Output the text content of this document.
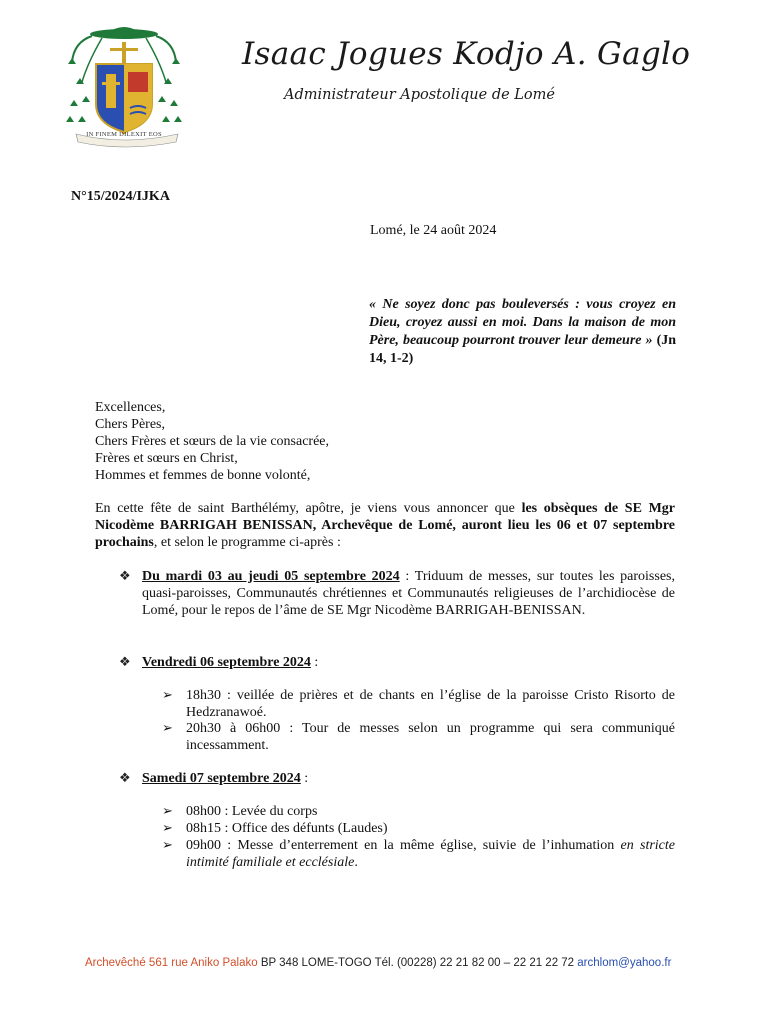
IN FINEM DILEXIT EOS
Isaac Jogues Kodjo A. Gaglo
Administrateur Apostolique de Lomé
N°15/2024/IJKA
Lomé, le 24 août 2024
« Ne soyez donc pas bouleversés : vous croyez en Dieu, croyez aussi en moi. Dans la maison de mon Père, beaucoup pourront trouver leur demeure » (Jn 14, 1-2)
Excellences,
Chers Pères,
Chers Frères et sœurs de la vie consacrée,
Frères et sœurs en Christ,
Hommes et femmes de bonne volonté,
En cette fête de saint Barthélémy, apôtre, je viens vous annoncer que les obsèques de SE Mgr Nicodème BARRIGAH BENISSAN, Archevêque de Lomé, auront lieu les 06 et 07 septembre prochains, et selon le programme ci-après :
❖ Du mardi 03 au jeudi 05 septembre 2024 : Triduum de messes, sur toutes les paroisses, quasi-paroisses, Communautés chrétiennes et Communautés religieuses de l’archidiocèse de Lomé, pour le repos de l’âme de SE Mgr Nicodème BARRIGAH-BENISSAN.
❖ Vendredi 06 septembre 2024 :
➢ 18h30 : veillée de prières et de chants en l’église de la paroisse Cristo Risorto de Hedzranawoé.
➢ 20h30 à 06h00 : Tour de messes selon un programme qui sera communiqué incessamment.
❖ Samedi 07 septembre 2024 :
➢ 08h00 : Levée du corps
➢ 08h15 : Office des défunts (Laudes)
➢ 09h00 : Messe d’enterrement en la même église, suivie de l’inhumation en stricte intimité familiale et ecclésiale.
Archevêché 561 rue Aniko Palako BP 348 LOME-TOGO Tél. (00228) 22 21 82 00 – 22 21 22 72 archlom@yahoo.fr
